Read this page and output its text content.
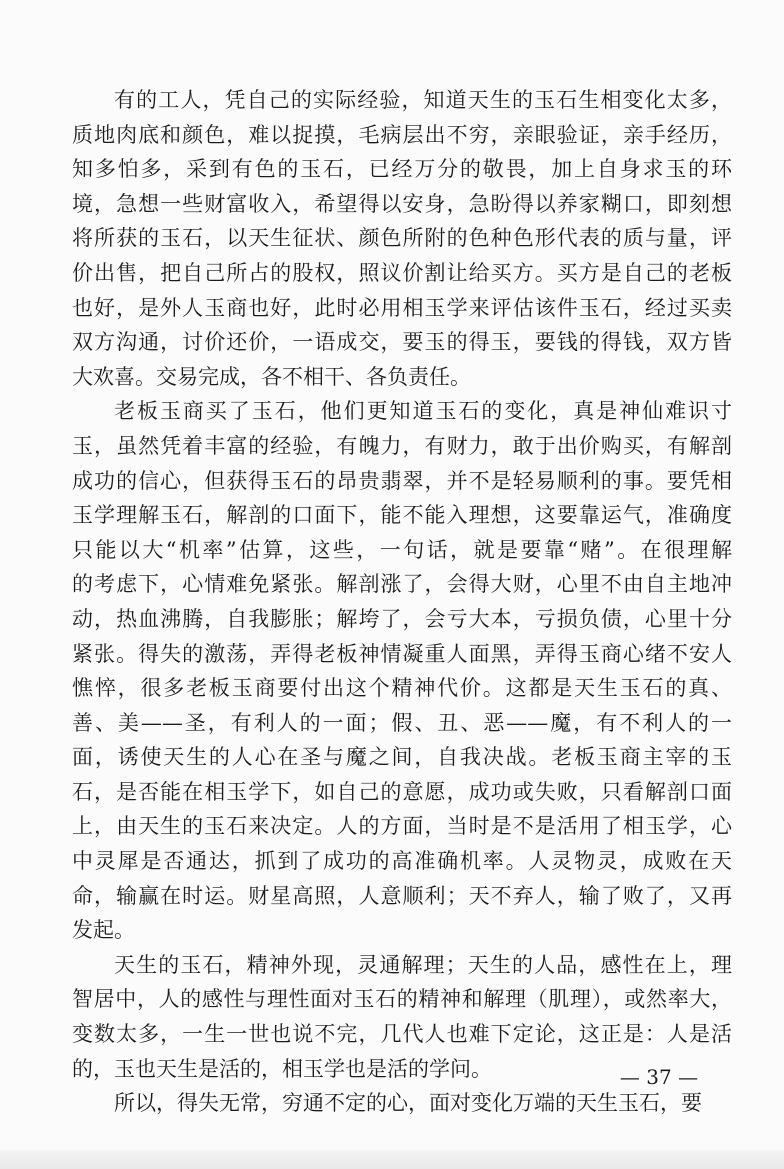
有的工人，凭自己的实际经验，知道天生的玉石生相变化太多，
质地肉底和颜色，难以捉摸，毛病层出不穷，亲眼验证，亲手经历，
知多怕多，采到有色的玉石，已经万分的敬畏，加上自身求玉的环
境，急想一些财富收入，希望得以安身，急盼得以养家糊口，即刻想
将所获的玉石，以天生征状、颜色所附的色种色形代表的质与量，评
价出售，把自己所占的股权，照议价割让给买方。买方是自己的老板
也好，是外人玉商也好，此时必用相玉学来评估该件玉石，经过买卖
双方沟通，讨价还价，一语成交，要玉的得玉，要钱的得钱，双方皆
大欢喜。交易完成，各不相干、各负责任。
老板玉商买了玉石，他们更知道玉石的变化，真是神仙难识寸
玉，虽然凭着丰富的经验，有魄力，有财力，敢于出价购买，有解剖
成功的信心，但获得玉石的昂贵翡翠，并不是轻易顺利的事。要凭相
玉学理解玉石，解剖的口面下，能不能入理想，这要靠运气，准确度
只能以大“机率”估算，这些，一句话，就是要靠“赌”。在很理解
的考虑下，心情难免紧张。解剖涨了，会得大财，心里不由自主地冲
动，热血沸腾，自我膨胀；解垮了，会亏大本，亏损负债，心里十分
紧张。得失的激荡，弄得老板神情凝重人面黑，弄得玉商心绪不安人
憔悴，很多老板玉商要付出这个精神代价。这都是天生玉石的真、
善、美——圣，有利人的一面；假、丑、恶——魔，有不利人的一
面，诱使天生的人心在圣与魔之间，自我决战。老板玉商主宰的玉
石，是否能在相玉学下，如自己的意愿，成功或失败，只看解剖口面
上，由天生的玉石来决定。人的方面，当时是不是活用了相玉学，心
中灵犀是否通达，抓到了成功的高准确机率。人灵物灵，成败在天
命，输赢在时运。财星高照，人意顺利；天不弃人，输了败了，又再
发起。
天生的玉石，精神外现，灵通解理；天生的人品，感性在上，理
智居中，人的感性与理性面对玉石的精神和解理（肌理），或然率大，
变数太多，一生一世也说不完，几代人也难下定论，这正是：人是活
的，玉也天生是活的，相玉学也是活的学问。
所以，得失无常，穷通不定的心，面对变化万端的天生玉石，要
— 37 —
